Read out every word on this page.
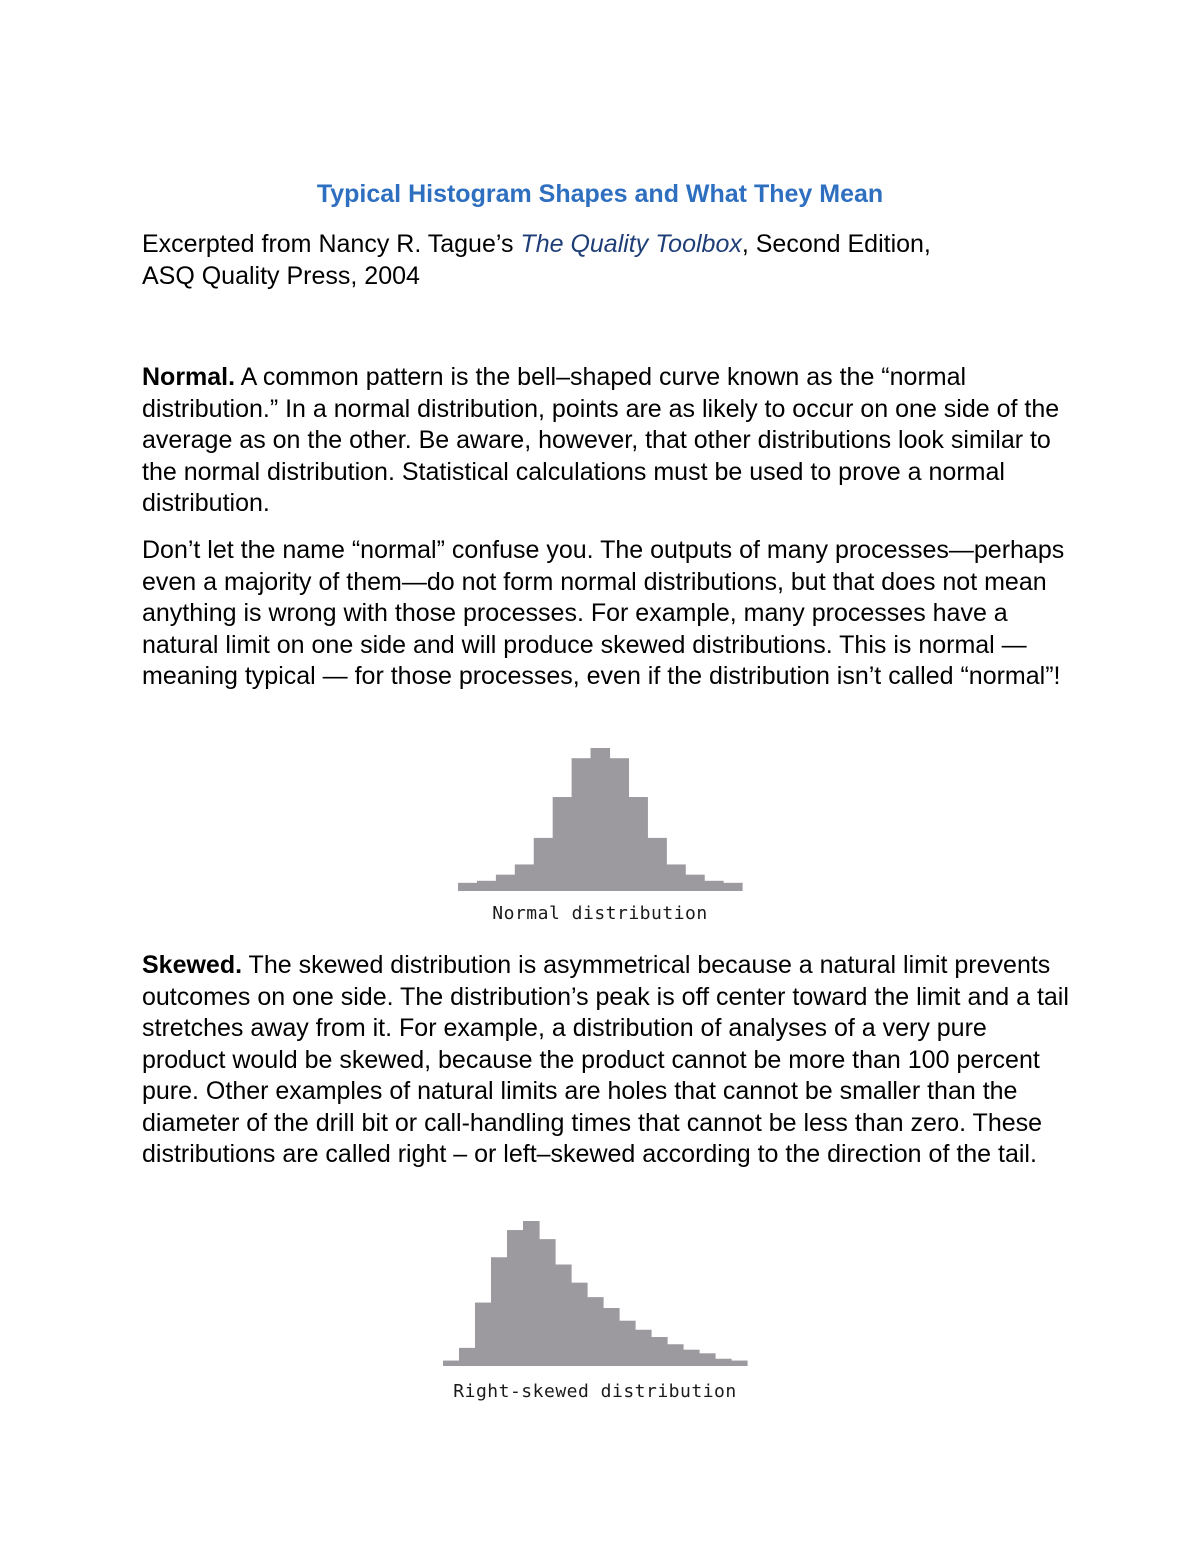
Typical Histogram Shapes and What They Mean

Excerpted from Nancy R. Tague’s The Quality Toolbox, Second Edition,
ASQ Quality Press, 2004

Normal. A common pattern is the bell–shaped curve known as the “normal distribution.” In a normal distribution, points are as likely to occur on one side of the average as on the other. Be aware, however, that other distributions look similar to the normal distribution. Statistical calculations must be used to prove a normal distribution.

Don’t let the name “normal” confuse you. The outputs of many processes—perhaps even a majority of them—do not form normal distributions, but that does not mean anything is wrong with those processes. For example, many processes have a natural limit on one side and will produce skewed distributions. This is normal — meaning typical — for those processes, even if the distribution isn’t called “normal”!

Normal distribution

Skewed. The skewed distribution is asymmetrical because a natural limit prevents outcomes on one side. The distribution’s peak is off center toward the limit and a tail stretches away from it. For example, a distribution of analyses of a very pure product would be skewed, because the product cannot be more than 100 percent pure. Other examples of natural limits are holes that cannot be smaller than the diameter of the drill bit or call-handling times that cannot be less than zero. These distributions are called right – or left–skewed according to the direction of the tail.

Right-skewed distribution
